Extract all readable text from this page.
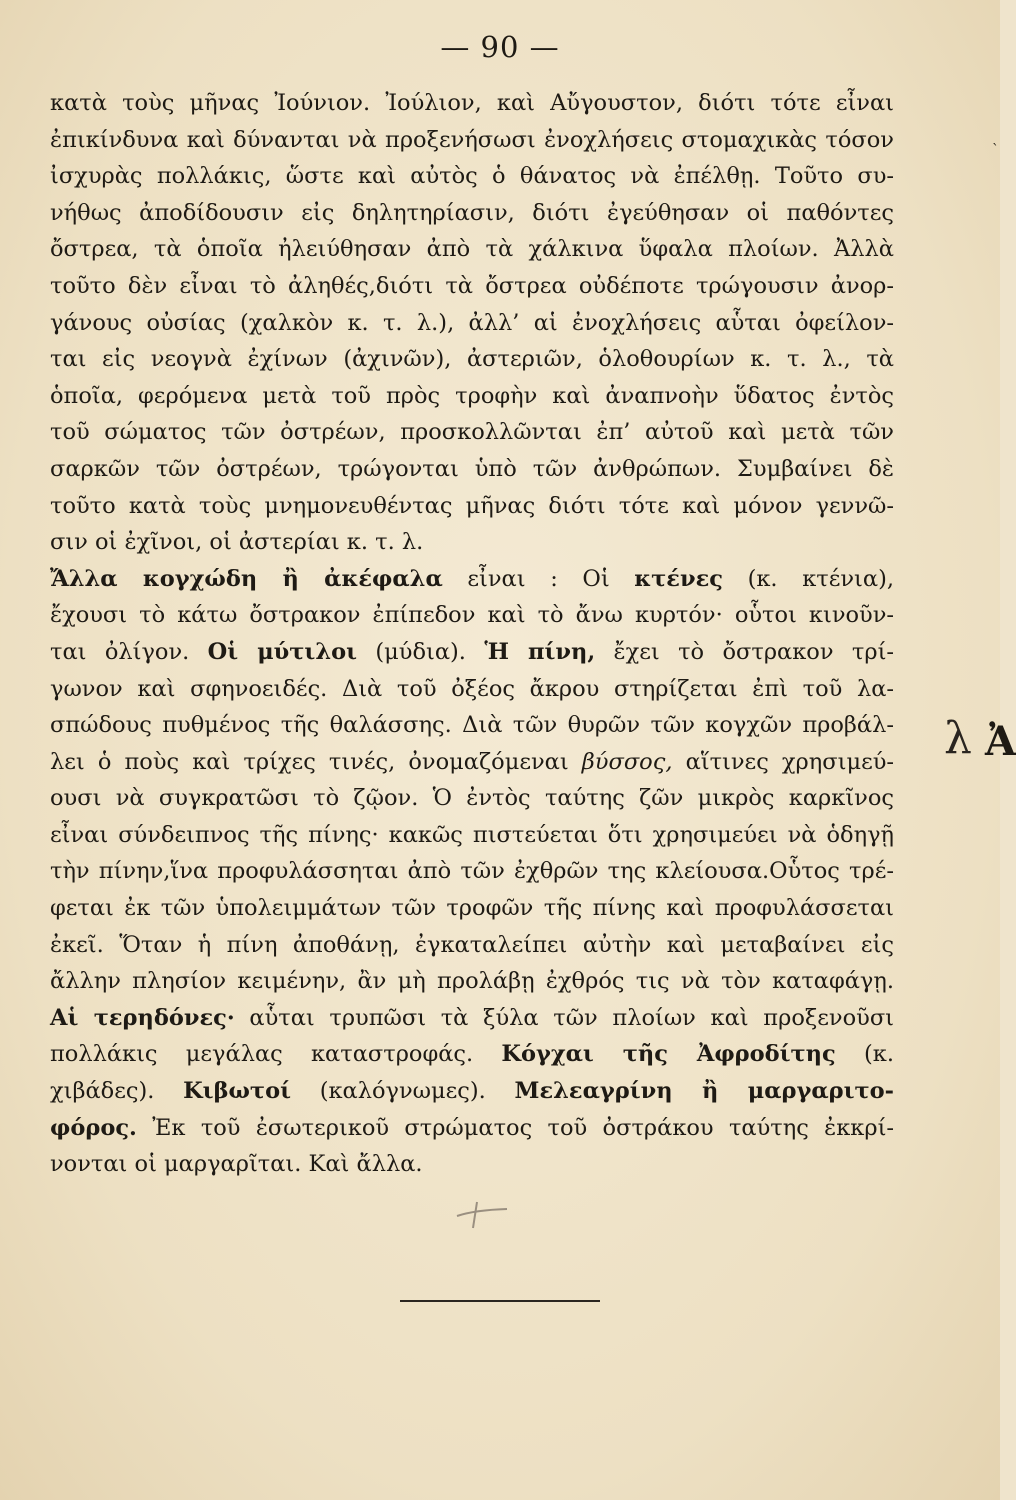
— 90 —

κατὰ τοὺς μῆνας Ἰούνιον. Ἰούλιον, καὶ Αὔγουστον, διότι τότε εἶναι
ἐπικίνδυνα καὶ δύνανται νὰ προξενήσωσι ἐνοχλήσεις στομαχικὰς τόσον
ἰσχυρὰς πολλάκις, ὥστε καὶ αὐτὸς ὁ θάνατος νὰ ἐπέλθῃ. Τοῦτο συ-
νήθως ἀποδίδουσιν εἰς δηλητηρίασιν, διότι ἐγεύθησαν οἱ παθόντες
ὄστρεα, τὰ ὁποῖα ἠλειύθησαν ἀπὸ τὰ χάλκινα ὕφαλα πλοίων. Ἀλλὰ
τοῦτο δὲν εἶναι τὸ ἀληθές,διότι τὰ ὄστρεα οὐδέποτε τρώγουσιν ἀνορ-
γάνους οὐσίας (χαλκὸν κ. τ. λ.), ἀλλ’ αἱ ἐνοχλήσεις αὗται ὀφείλον-
ται εἰς νεογνὰ ἐχίνων (ἀχινῶν), ἀστεριῶν, ὁλοθουρίων κ. τ. λ., τὰ
ὁποῖα, φερόμενα μετὰ τοῦ πρὸς τροφὴν καὶ ἀναπνοὴν ὕδατος ἐντὸς
τοῦ σώματος τῶν ὀστρέων, προσκολλῶνται ἐπ’ αὐτοῦ καὶ μετὰ τῶν
σαρκῶν τῶν ὀστρέων, τρώγονται ὑπὸ τῶν ἀνθρώπων. Συμβαίνει δὲ
τοῦτο κατὰ τοὺς μνημονευθέντας μῆνας διότι τότε καὶ μόνον γεννῶ-
σιν οἱ ἐχῖνοι, οἱ ἀστερίαι κ. τ. λ.
Ἄλλα κογχώδη ἢ ἀκέφαλα εἶναι : Οἱ κτένες (κ. κτένια),
ἔχουσι τὸ κάτω ὄστρακον ἐπίπεδον καὶ τὸ ἄνω κυρτόν· οὗτοι κινοῦν-
ται ὀλίγον. Οἱ μύτιλοι (μύδια). Ἡ πίνη, ἔχει τὸ ὄστρακον τρί-
γωνον καὶ σφηνοειδές. Διὰ τοῦ ὀξέος ἄκρου στηρίζεται ἐπὶ τοῦ λα-
σπώδους πυθμένος τῆς θαλάσσης. Διὰ τῶν θυρῶν τῶν κογχῶν προβάλ-
λει ὁ ποὺς καὶ τρίχες τινές, ὀνομαζόμεναι βύσσος, αἵτινες χρησιμεύ-
ουσι νὰ συγκρατῶσι τὸ ζῷον. Ὁ ἐντὸς ταύτης ζῶν μικρὸς καρκῖνος
εἶναι σύνδειπνος τῆς πίνης· κακῶς πιστεύεται ὅτι χρησιμεύει νὰ ὁδηγῇ
τὴν πίνην,ἵνα προφυλάσσηται ἀπὸ τῶν ἐχθρῶν της κλείουσα.Οὗτος τρέ-
φεται ἐκ τῶν ὑπολειμμάτων τῶν τροφῶν τῆς πίνης καὶ προφυλάσσεται
ἐκεῖ. Ὅταν ἡ πίνη ἀποθάνῃ, ἐγκαταλείπει αὐτὴν καὶ μεταβαίνει εἰς
ἄλλην πλησίον κειμένην, ἂν μὴ προλάβῃ ἐχθρός τις νὰ τὸν καταφάγῃ.
Αἱ τερηδόνες· αὗται τρυπῶσι τὰ ξύλα τῶν πλοίων καὶ προξενοῦσι
πολλάκις μεγάλας καταστροφάς. Κόγχαι τῆς Ἀφροδίτης (κ.
χιβάδες). Κιβωτοί (καλόγνωμες). Μελεαγρίνη ἢ μαργαριτο-
φόρος. Ἐκ τοῦ ἐσωτερικοῦ στρώματος τοῦ ὀστράκου ταύτης ἐκκρί-
νονται οἱ μαργαρῖται. Καὶ ἄλλα.

`
λ Ἀ
